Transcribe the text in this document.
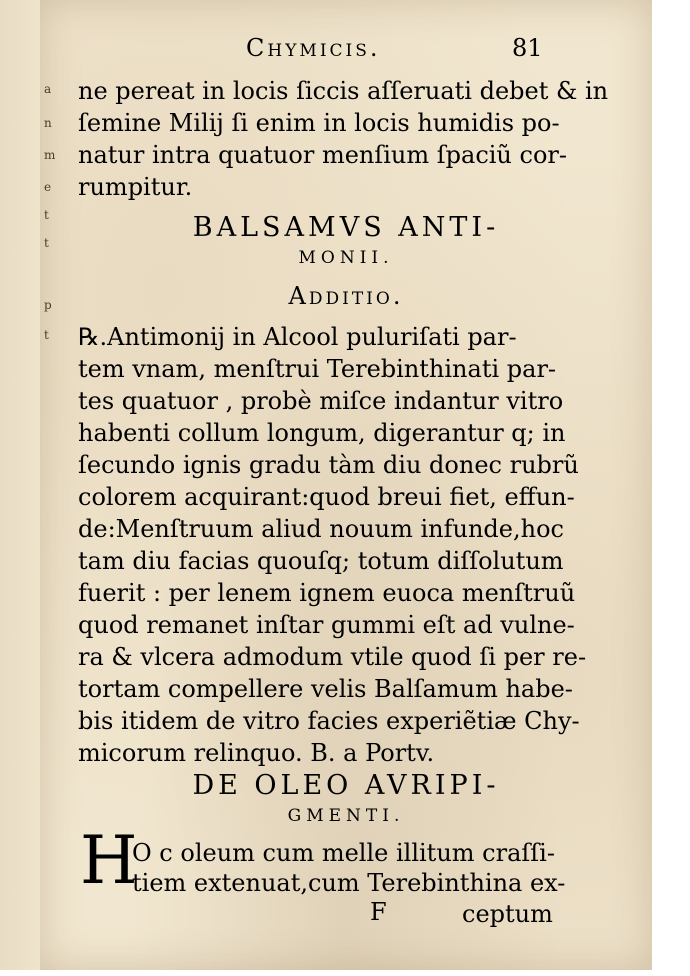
a
n
m
e
t
t
p
t
Chymicis.	81
ne pereat in locis ſiccis aſſeruati debet & in
ſemine Milij ſi enim in locis humidis po-
natur intra quatuor menſium ſpaciũ cor-
rumpitur.
BALSAMVS ANTI-
MONII.
Additio.
℞.Antimonij in Alcool puluriſati par-
tem vnam, menſtrui Terebinthinati par-
tes quatuor , probè miſce indantur vitro
habenti collum longum, digerantur q; in
ſecundo ignis gradu tàm diu donec rubrũ
colorem acquirant:quod breui fiet, effun-
de:Menſtruum aliud nouum infunde,hoc
tam diu facias quouſq; totum diſſolutum
fuerit : per lenem ignem euoca menſtruũ
quod remanet inſtar gummi eſt ad vulne-
ra & vlcera admodum vtile quod ſi per re-
tortam compellere velis Balſamum habe-
bis itidem de vitro facies experiẽtiæ Chy-
micorum relinquo. B. a Portv.
DE OLEO AVRIPI-
GMENTI.
H
O c oleum cum melle illitum craſſi-
tiem extenuat,cum Terebinthina ex-
F	ceptum
